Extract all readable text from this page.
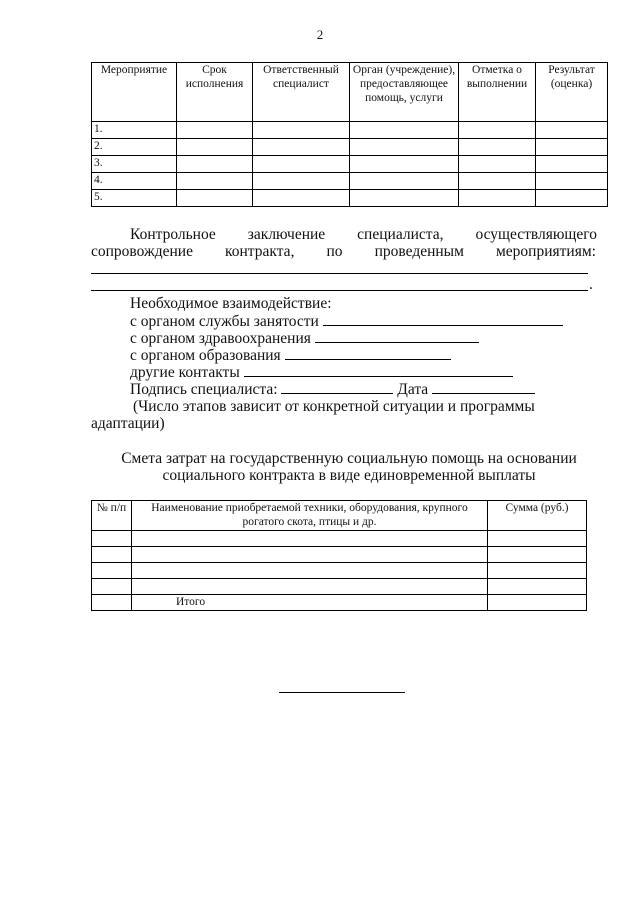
2
Мероприятие	Срок исполнения	Ответственный специалист	Орган (учреждение), предоставляющее помощь, услуги	Отметка о выполнении	Результат (оценка)
1.					
2.					
3.					
4.					
5.					
Контрольное заключение специалиста, осуществляющего
сопровождение контракта, по проведенным мероприятиям:
.
Необходимое взаимодействие:
с органом службы занятости
с органом здравоохранения
с органом образования
другие контакты
Подпись специалиста:	Дата
(Число этапов зависит от конкретной ситуации и программы
адаптации)
Смета затрат на государственную социальную помощь на основании
социального контракта в виде единовременной выплаты
№ п/п	Наименование приобретаемой техники, оборудования, крупного рогатого скота, птицы и др.	Сумма (руб.)

	Итого	
